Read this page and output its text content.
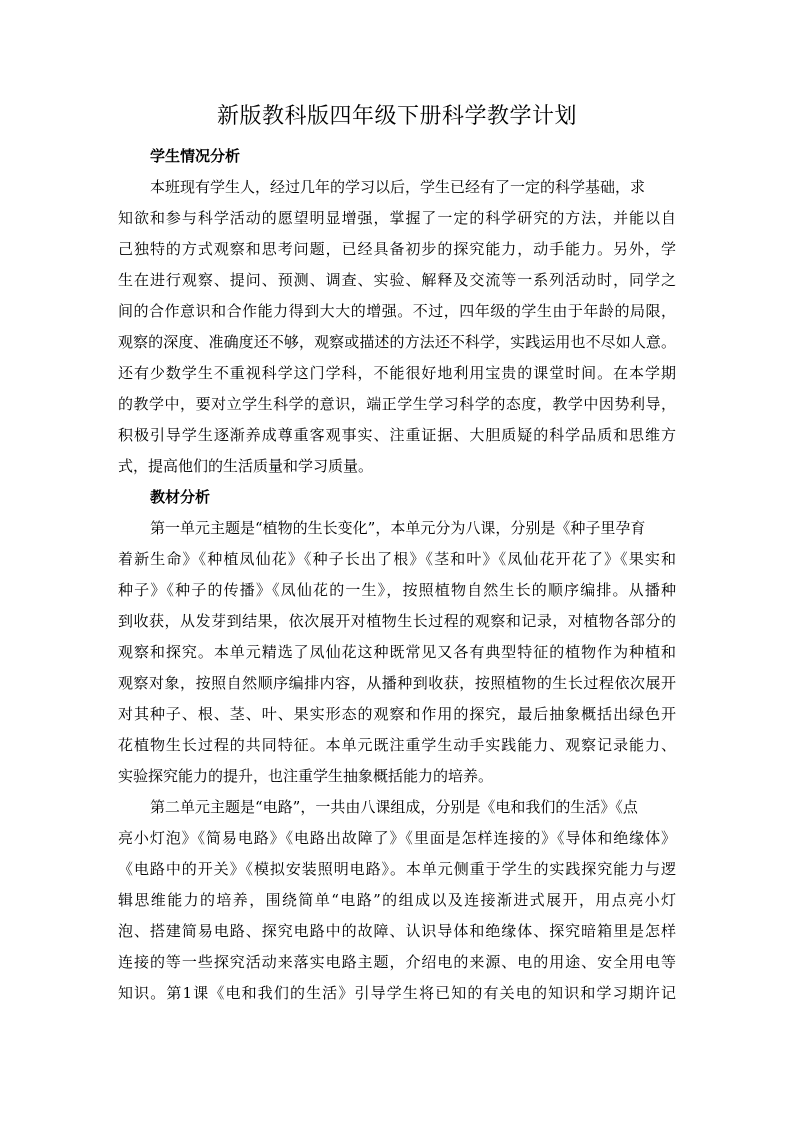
新版教科版四年级下册科学教学计划
学生情况分析

本班现有学生人，经过几年的学习以后，学生已经有了一定的科学基础，求

知欲和参与科学活动的愿望明显增强，掌握了一定的科学研究的方法，并能以自

己独特的方式观察和思考问题，已经具备初步的探究能力，动手能力。另外，学

生在进行观察、提问、预测、调查、实验、解释及交流等一系列活动时，同学之

间的合作意识和合作能力得到大大的增强。不过，四年级的学生由于年龄的局限，

观察的深度、准确度还不够，观察或描述的方法还不科学，实践运用也不尽如人意。

还有少数学生不重视科学这门学科，不能很好地利用宝贵的课堂时间。在本学期

的教学中，要对立学生科学的意识，端正学生学习科学的态度，教学中因势利导，

积极引导学生逐渐养成尊重客观事实、注重证据、大胆质疑的科学品质和思维方

式，提高他们的生活质量和学习质量。

教材分析

第一单元主题是“植物的生长变化”，本单元分为八课，分别是《种子里孕育

着新生命》《种植凤仙花》《种子长出了根》《茎和叶》《凤仙花开花了》《果实和

种子》《种子的传播》《凤仙花的一生》，按照植物自然生长的顺序编排。从播种

到收获，从发芽到结果，依次展开对植物生长过程的观察和记录，对植物各部分的

观察和探究。本单元精选了凤仙花这种既常见又各有典型特征的植物作为种植和

观察对象，按照自然顺序编排内容，从播种到收获，按照植物的生长过程依次展开

对其种子、根、茎、叶、果实形态的观察和作用的探究，最后抽象概括出绿色开

花植物生长过程的共同特征。本单元既注重学生动手实践能力、观察记录能力、

实验探究能力的提升，也注重学生抽象概括能力的培养。

第二单元主题是“电路”，一共由八课组成，分别是《电和我们的生活》《点

亮小灯泡》《简易电路》《电路出故障了》《里面是怎样连接的》《导体和绝缘体》

《电路中的开关》《模拟安装照明电路》。本单元侧重于学生的实践探究能力与逻

辑思维能力的培养，围绕简单“电路”的组成以及连接渐进式展开，用点亮小灯

泡、搭建简易电路、探究电路中的故障、认识导体和绝缘体、探究暗箱里是怎样

连接的等一些探究活动来落实电路主题，介绍电的来源、电的用途、安全用电等

知识。第1课《电和我们的生活》引导学生将已知的有关电的知识和学习期许记
